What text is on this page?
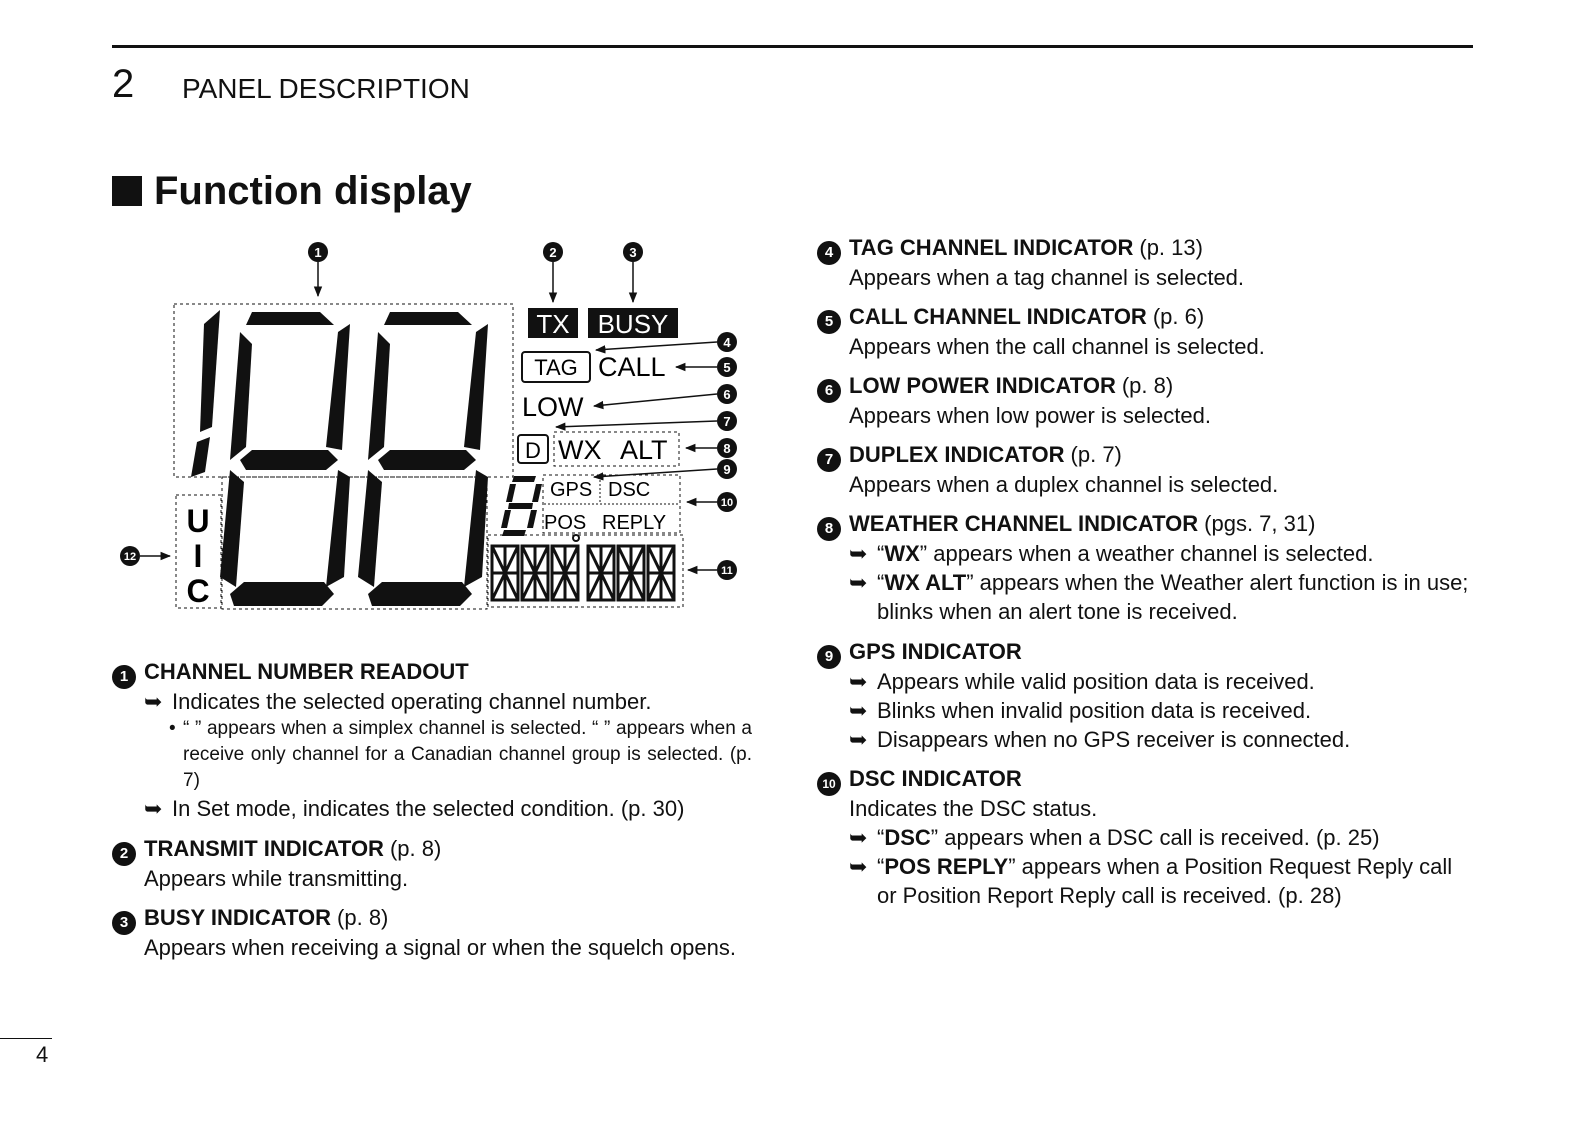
2 PANEL DESCRIPTION
Function display
U
I
C
TX BUSY
TAG CALL
LOW
D WX ALT
GPS DSC
POS REPLY
1	2	3
4
5
6
7
8
9
10
11
12
1 CHANNEL NUMBER READOUT
➥ Indicates the selected operating channel number.
• “ ” appears when a simplex channel is selected. “ ” appears when a receive only channel for a Canadian channel group is selected. (p. 7)
➥ In Set mode, indicates the selected condition. (p. 30)
2 TRANSMIT INDICATOR (p. 8)
Appears while transmitting.
3 BUSY INDICATOR (p. 8)
Appears when receiving a signal or when the squelch opens.
4 TAG CHANNEL INDICATOR (p. 13)
Appears when a tag channel is selected.
5 CALL CHANNEL INDICATOR (p. 6)
Appears when the call channel is selected.
6 LOW POWER INDICATOR (p. 8)
Appears when low power is selected.
7 DUPLEX INDICATOR (p. 7)
Appears when a duplex channel is selected.
8 WEATHER CHANNEL INDICATOR (pgs. 7, 31)
➥ “WX” appears when a weather channel is selected.
➥ “WX ALT” appears when the Weather alert function is in use; blinks when an alert tone is received.
9 GPS INDICATOR
➥ Appears while valid position data is received.
➥ Blinks when invalid position data is received.
➥ Disappears when no GPS receiver is connected.
10 DSC INDICATOR
Indicates the DSC status.
➥ “DSC” appears when a DSC call is received. (p. 25)
➥ “POS REPLY” appears when a Position Request Reply call or Position Report Reply call is received. (p. 28)
4
